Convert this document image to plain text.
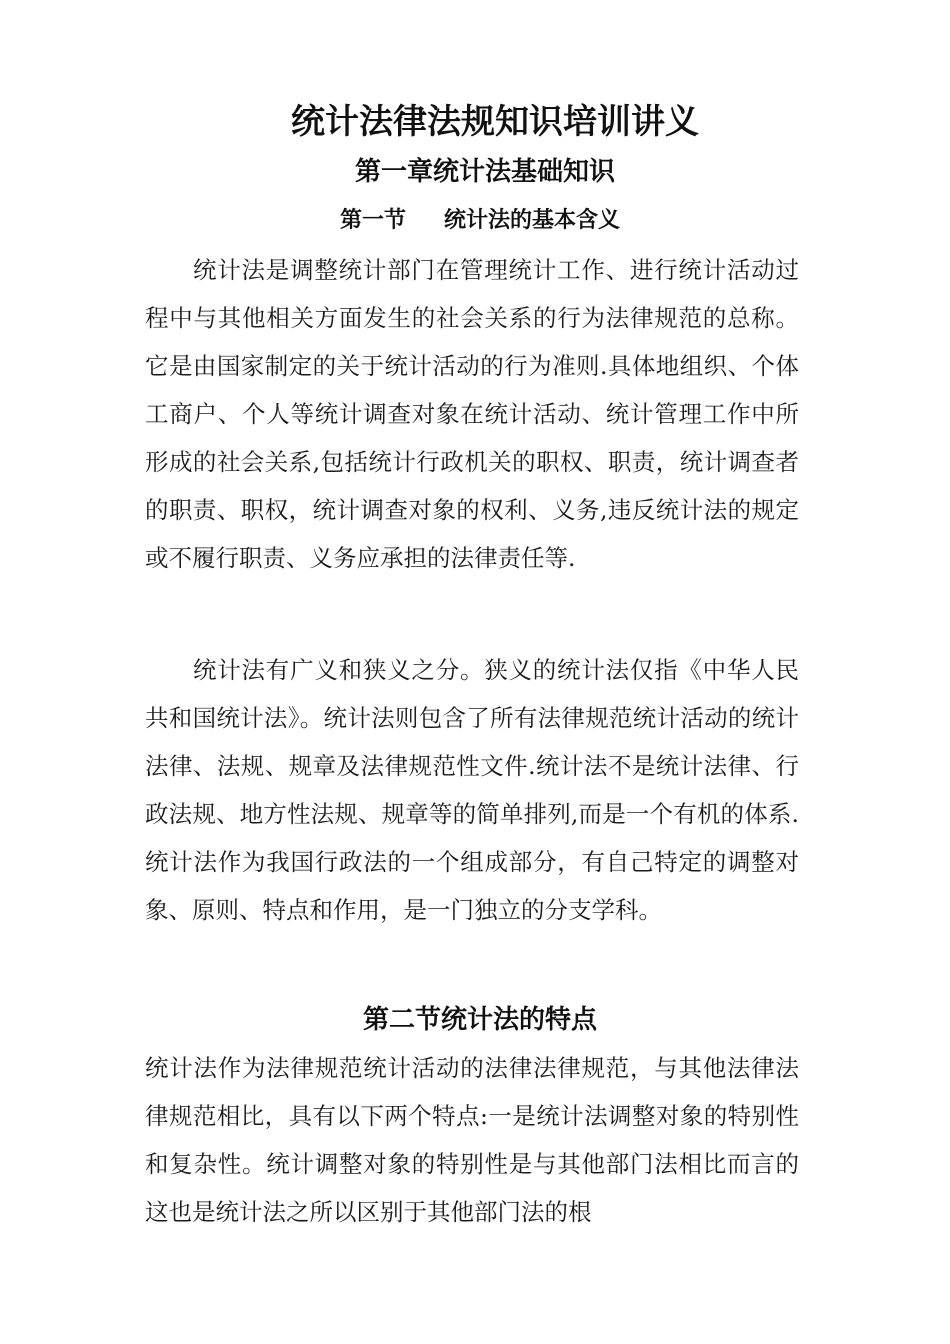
统计法律法规知识培训讲义
第一章统计法基础知识
第一节 统计法的基本含义

统计法是调整统计部门在管理统计工作、进行统计活动过程中与其他相关方面发生的社会关系的行为法律规范的总称。它是由国家制定的关于统计活动的行为准则.具体地组织、个体工商户、个人等统计调查对象在统计活动、统计管理工作中所形成的社会关系,包括统计行政机关的职权、职责，统计调查者的职责、职权，统计调查对象的权利、义务,违反统计法的规定或不履行职责、义务应承担的法律责任等.

统计法有广义和狭义之分。狭义的统计法仅指《中华人民共和国统计法》。统计法则包含了所有法律规范统计活动的统计法律、法规、规章及法律规范性文件.统计法不是统计法律、行政法规、地方性法规、规章等的简单排列,而是一个有机的体系.统计法作为我国行政法的一个组成部分，有自己特定的调整对象、原则、特点和作用，是一门独立的分支学科。

第二节统计法的特点

统计法作为法律规范统计活动的法律法律规范，与其他法律法律规范相比，具有以下两个特点:一是统计法调整对象的特别性和复杂性。统计调整对象的特别性是与其他部门法相比而言的这也是统计法之所以区别于其他部门法的根
